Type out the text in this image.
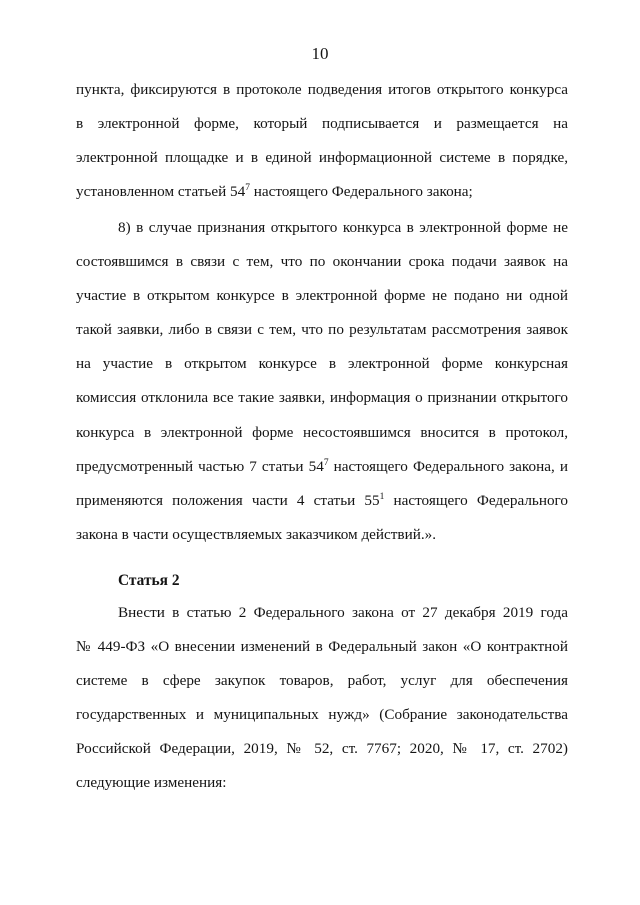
10
пункта, фиксируются в протоколе подведения итогов открытого конкурса
в электронной форме, который подписывается и размещается на
электронной площадке и в единой информационной системе в порядке,
установленном статьей $54^7$ настоящего Федерального закона;
8) в случае признания открытого конкурса в электронной форме не
состоявшимся в связи с тем, что по окончании срока подачи заявок на
участие в открытом конкурсе в электронной форме не подано ни одной
такой заявки, либо в связи с тем, что по результатам рассмотрения заявок
на участие в открытом конкурсе в электронной форме конкурсная
комиссия отклонила все такие заявки, информация о признании открытого
конкурса в электронной форме несостоявшимся вносится в протокол,
предусмотренный частью 7 статьи $54^7$ настоящего Федерального закона, и
применяются положения части 4 статьи $55^1$ настоящего Федерального
закона в части осуществляемых заказчиком действий.».
Статья 2
Внести в статью 2 Федерального закона от 27 декабря 2019 года
№ 449-ФЗ «О внесении изменений в Федеральный закон «О контрактной
системе в сфере закупок товаров, работ, услуг для обеспечения
государственных и муниципальных нужд» (Собрание законодательства
Российской Федерации, 2019, № 52, ст. 7767; 2020, № 17, ст. 2702)
следующие изменения:
